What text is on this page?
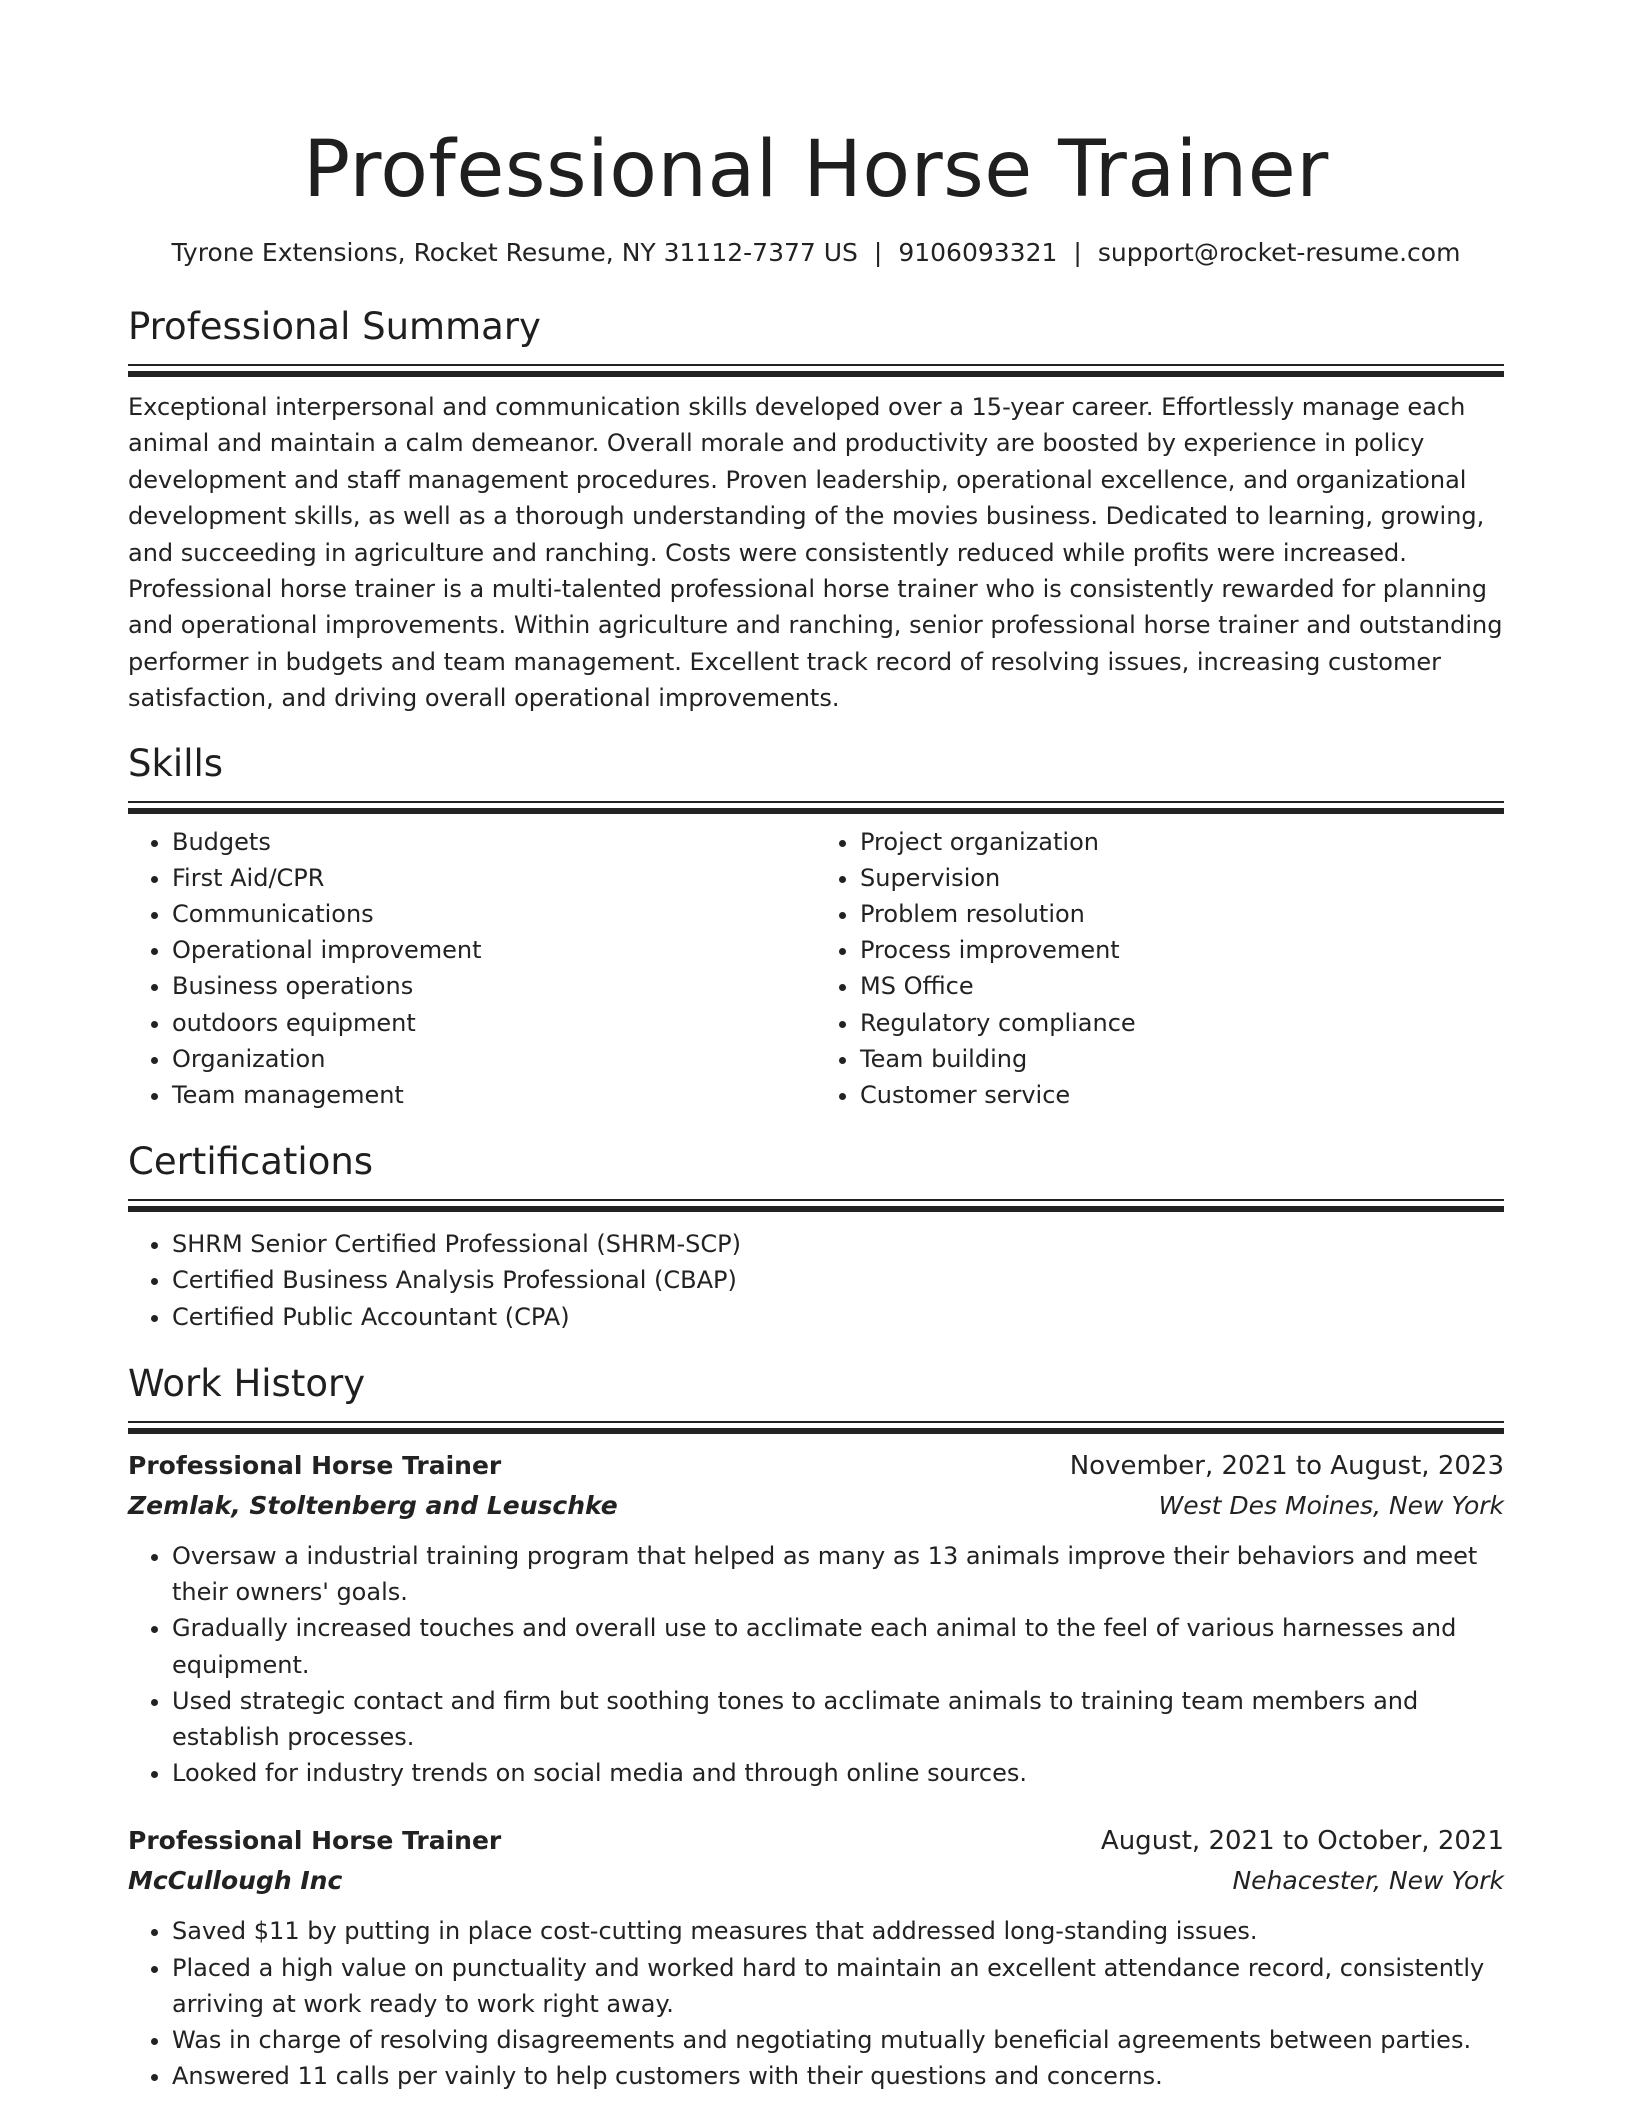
Professional Horse Trainer
Tyrone Extensions, Rocket Resume, NY 31112-7377 US | 9106093321 | support@rocket-resume.com
Professional Summary

Exceptional interpersonal and communication skills developed over a 15-year career. Effortlessly manage each animal and maintain a calm demeanor. Overall morale and productivity are boosted by experience in policy development and staff management procedures. Proven leadership, operational excellence, and organizational development skills, as well as a thorough understanding of the movies business. Dedicated to learning, growing, and succeeding in agriculture and ranching. Costs were consistently reduced while profits were increased. Professional horse trainer is a multi-talented professional horse trainer who is consistently rewarded for planning and operational improvements. Within agriculture and ranching, senior professional horse trainer and outstanding performer in budgets and team management. Excellent track record of resolving issues, increasing customer satisfaction, and driving overall operational improvements.

Skills
• Budgets
• First Aid/CPR
• Communications
• Operational improvement
• Business operations
• outdoors equipment
• Organization
• Team management
• Project organization
• Supervision
• Problem resolution
• Process improvement
• MS Office
• Regulatory compliance
• Team building
• Customer service
Certifications
• SHRM Senior Certified Professional (SHRM-SCP)
• Certified Business Analysis Professional (CBAP)
• Certified Public Accountant (CPA)
Work History
Professional Horse Trainer	November, 2021 to August, 2023
Zemlak, Stoltenberg and Leuschke	West Des Moines, New York
• Oversaw a industrial training program that helped as many as 13 animals improve their behaviors and meet their owners' goals.
• Gradually increased touches and overall use to acclimate each animal to the feel of various harnesses and equipment.
• Used strategic contact and firm but soothing tones to acclimate animals to training team members and establish processes.
• Looked for industry trends on social media and through online sources.
Professional Horse Trainer	August, 2021 to October, 2021
McCullough Inc	Nehacester, New York
• Saved $11 by putting in place cost-cutting measures that addressed long-standing issues.
• Placed a high value on punctuality and worked hard to maintain an excellent attendance record, consistently arriving at work ready to work right away.
• Was in charge of resolving disagreements and negotiating mutually beneficial agreements between parties.
• Answered 11 calls per vainly to help customers with their questions and concerns.
